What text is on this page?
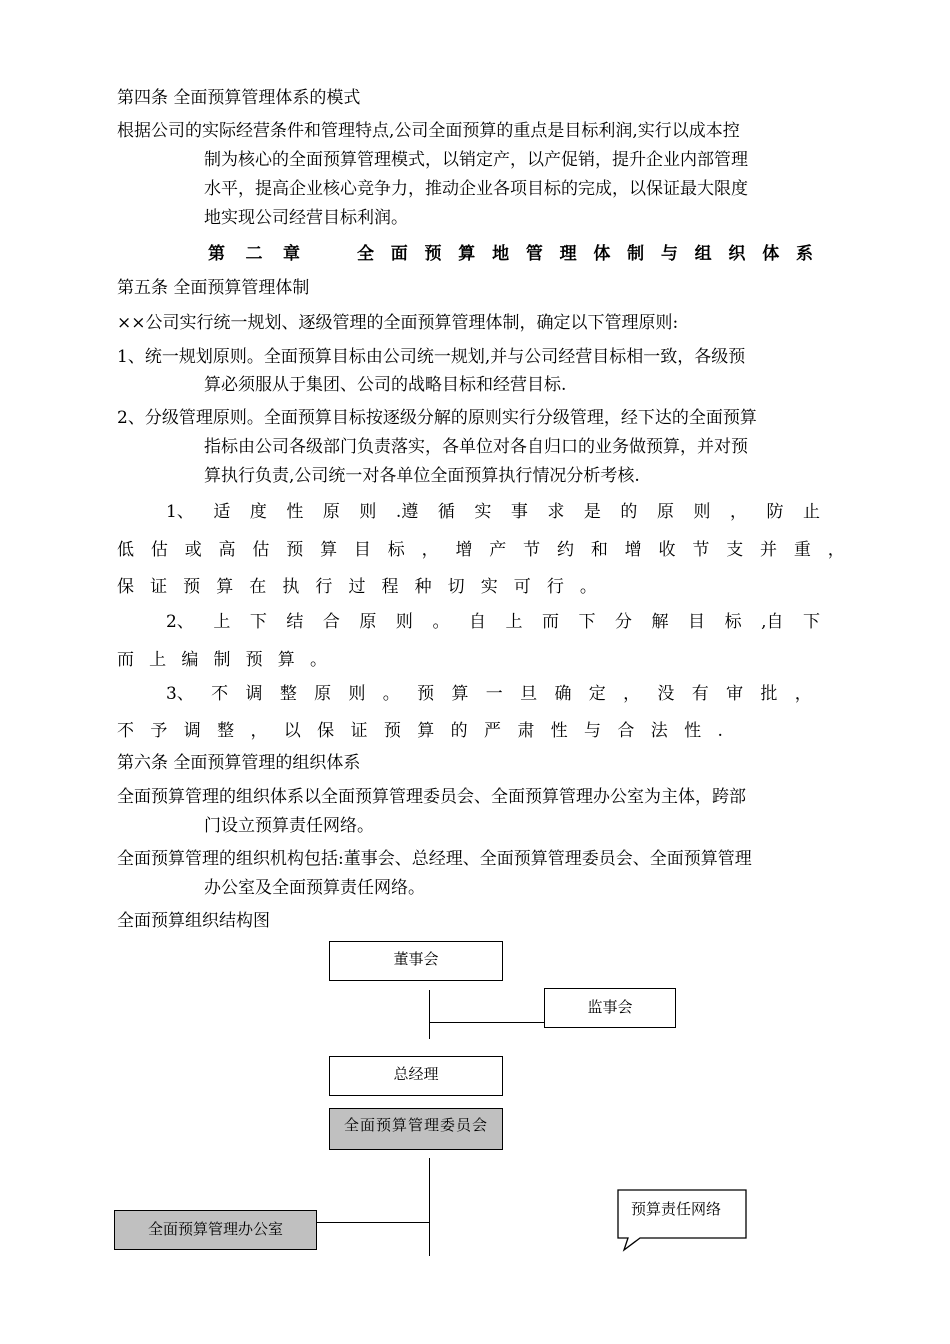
第四条 全面预算管理体系的模式
根据公司的实际经营条件和管理特点,公司全面预算的重点是目标利润,实行以成本控
制为核心的全面预算管理模式，以销定产，以产促销，提升企业内部管理
水平，提高企业核心竞争力，推动企业各项目标的完成，以保证最大限度
地实现公司经营目标利润。
第 二 章	全 面 预 算 地 管 理 体 制 与 组 织 体 系
第五条 全面预算管理体制
××公司实行统一规划、逐级管理的全面预算管理体制，确定以下管理原则:
1、统一规划原则。全面预算目标由公司统一规划,并与公司经营目标相一致，各级预
算必须服从于集团、公司的战略目标和经营目标.
2、分级管理原则。全面预算目标按逐级分解的原则实行分级管理，经下达的全面预算
指标由公司各级部门负责落实，各单位对各自归口的业务做预算，并对预
算执行负责,公司统一对各单位全面预算执行情况分析考核.
1、 适 度 性 原 则 .遵 循 实 事 求 是 的 原 则 ， 防 止
低 估 或 高 估 预 算 目 标 ， 增 产 节 约 和 增 收 节 支 并 重 ，
保 证 预 算 在 执 行 过 程 种 切 实 可 行 。
2、 上 下 结 合 原 则 。 自 上 而 下 分 解 目 标 ,自 下
而 上 编 制 预 算 。
3、 不 调 整 原 则 。 预 算 一 旦 确 定 ， 没 有 审 批 ，
不 予 调 整 ， 以 保 证 预 算 的 严 肃 性 与 合 法 性 .
第六条 全面预算管理的组织体系
全面预算管理的组织体系以全面预算管理委员会、全面预算管理办公室为主体，跨部
门设立预算责任网络。
全面预算管理的组织机构包括:董事会、总经理、全面预算管理委员会、全面预算管理
办公室及全面预算责任网络。
全面预算组织结构图
董事会
监事会
总经理
全面预算管理委员会
全面预算管理办公室
预算责任网络
